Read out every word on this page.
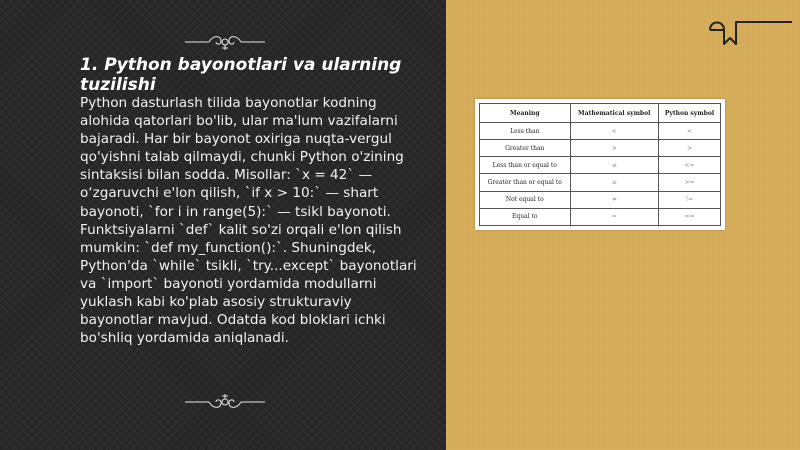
1. Python bayonotlari va ularning tuzilishi

Python dasturlash tilida bayonotlar kodning alohida qatorlari bo'lib, ular ma'lum vazifalarni bajaradi. Har bir bayonot oxiriga nuqta-vergul qo'yishni talab qilmaydi, chunki Python o'zining sintaksisi bilan sodda. Misollar: `x = 42` — o‘zgaruvchi e'lon qilish, `if x > 10:` — shart bayonoti, `for i in range(5):` — tsikl bayonoti. Funktsiyalarni `def` kalit so'zi orqali e'lon qilish mumkin: `def my_function():`. Shuningdek, Python'da `while` tsikli, `try...except` bayonotlari va `import` bayonoti yordamida modullarni yuklash kabi ko'plab asosiy strukturaviy bayonotlar mavjud. Odatda kod bloklari ichki bo'shliq yordamida aniqlanadi.

Meaning	Mathematical symbol	Python symbol
Less than	<	<
Greater than	>	>
Less than or equal to	≤	<=
Greater than or equal to	≥	>=
Not equal to	≠	!=
Equal to	=	==
